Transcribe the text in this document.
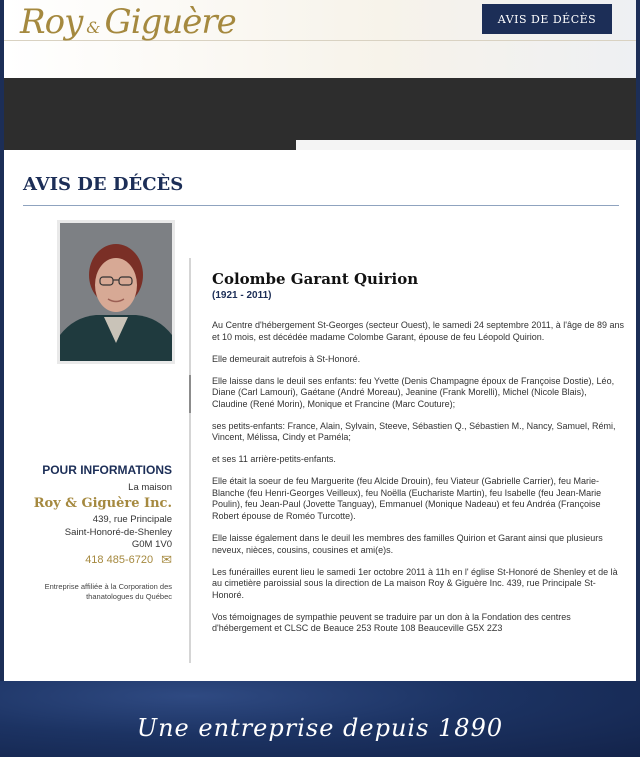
Roy & Giguère	AVIS DE DÉCÈS
AVIS DE DÉCÈS
POUR INFORMATIONS
La maison
Roy & Giguère Inc.
439, rue Principale
Saint-Honoré-de-Shenley
G0M 1V0
418 485-6720 ✉
Entreprise affiliée à la Corporation des thanatologues du Québec
Colombe Garant Quirion
(1921 - 2011)

Au Centre d'hébergement St-Georges (secteur Ouest), le samedi 24 septembre 2011, à l'âge de 89 ans et 10 mois, est décédée madame Colombe Garant, épouse de feu Léopold Quirion.

Elle demeurait autrefois à St-Honoré.

Elle laisse dans le deuil ses enfants: feu Yvette (Denis Champagne époux de Françoise Dostie), Léo, Diane (Carl Lamouri), Gaétane (André Moreau), Jeanine (Frank Morelli), Michel (Nicole Blais), Claudine (René Morin), Monique et Francine (Marc Couture);

ses petits-enfants: France, Alain, Sylvain, Steeve, Sébastien Q., Sébastien M., Nancy, Samuel, Rémi, Vincent, Mélissa, Cindy et Paméla;

et ses 11 arrière-petits-enfants.

Elle était la soeur de feu Marguerite (feu Alcide Drouin), feu Viateur (Gabrielle Carrier), feu Marie-Blanche (feu Henri-Georges Veilleux), feu Noëlla (Euchariste Martin), feu Isabelle (feu Jean-Marie Poulin), feu Jean-Paul (Jovette Tanguay), Emmanuel (Monique Nadeau) et feu Andréa (Françoise Robert épouse de Roméo Turcotte).

Elle laisse également dans le deuil les membres des familles Quirion et Garant ainsi que plusieurs neveux, nièces, cousins, cousines et ami(e)s.

Les funérailles eurent lieu le samedi 1er octobre 2011 à 11h en l' église St-Honoré de Shenley et de là au cimetière paroissial sous la direction de La maison Roy & Giguère Inc. 439, rue Principale St-Honoré.

Vos témoignages de sympathie peuvent se traduire par un don à la Fondation des centres d'hébergement et CLSC de Beauce 253 Route 108 Beauceville G5X 2Z3

Une entreprise depuis 1890
